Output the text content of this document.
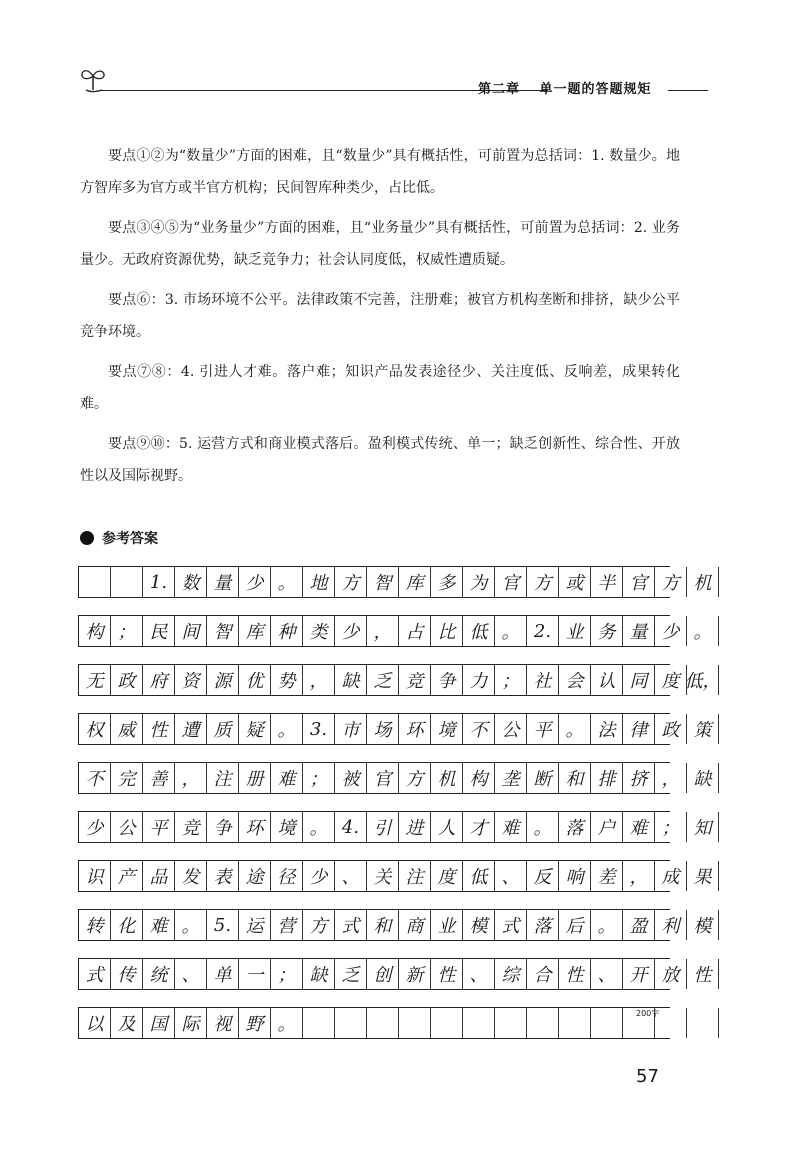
第二章 单一题的答题规矩

要点①②为“数量少”方面的困难，且“数量少”具有概括性，可前置为总括词：1. 数量少。地方智库多为官方或半官方机构；民间智库种类少，占比低。

要点③④⑤为“业务量少”方面的困难，且“业务量少”具有概括性，可前置为总括词：2. 业务量少。无政府资源优势，缺乏竞争力；社会认同度低，权威性遭质疑。

要点⑥：3. 市场环境不公平。法律政策不完善，注册难；被官方机构垄断和排挤，缺少公平竞争环境。

要点⑦⑧：4. 引进人才难。落户难；知识产品发表途径少、关注度低、反响差，成果转化难。

要点⑨⑩：5. 运营方式和商业模式落后。盈利模式传统、单一；缺乏创新性、综合性、开放性以及国际视野。

参考答案
1. 数 量 少 。 地 方 智 库 多 为 官 方 或 半 官 方 机
构 ； 民 间 智 库 种 类 少 ， 占 比 低 。 2. 业 务 量 少 。
无 政 府 资 源 优 势 ， 缺 乏 竞 争 力 ； 社 会 认 同 度 低，
权 威 性 遭 质 疑 。 3. 市 场 环 境 不 公 平 。 法 律 政 策
不 完 善 ， 注 册 难 ； 被 官 方 机 构 垄 断 和 排 挤 ， 缺
少 公 平 竞 争 环 境 。 4. 引 进 人 才 难 。 落 户 难 ； 知
识 产 品 发 表 途 径 少 、 关 注 度 低 、 反 响 差 ， 成 果
转 化 难 。 5. 运 营 方 式 和 商 业 模 式 落 后 。 盈 利 模
式 传 统 、 单 一 ； 缺 乏 创 新 性 、 综 合 性 、 开 放 性
以 及 国 际 视 野 。
200字
57
